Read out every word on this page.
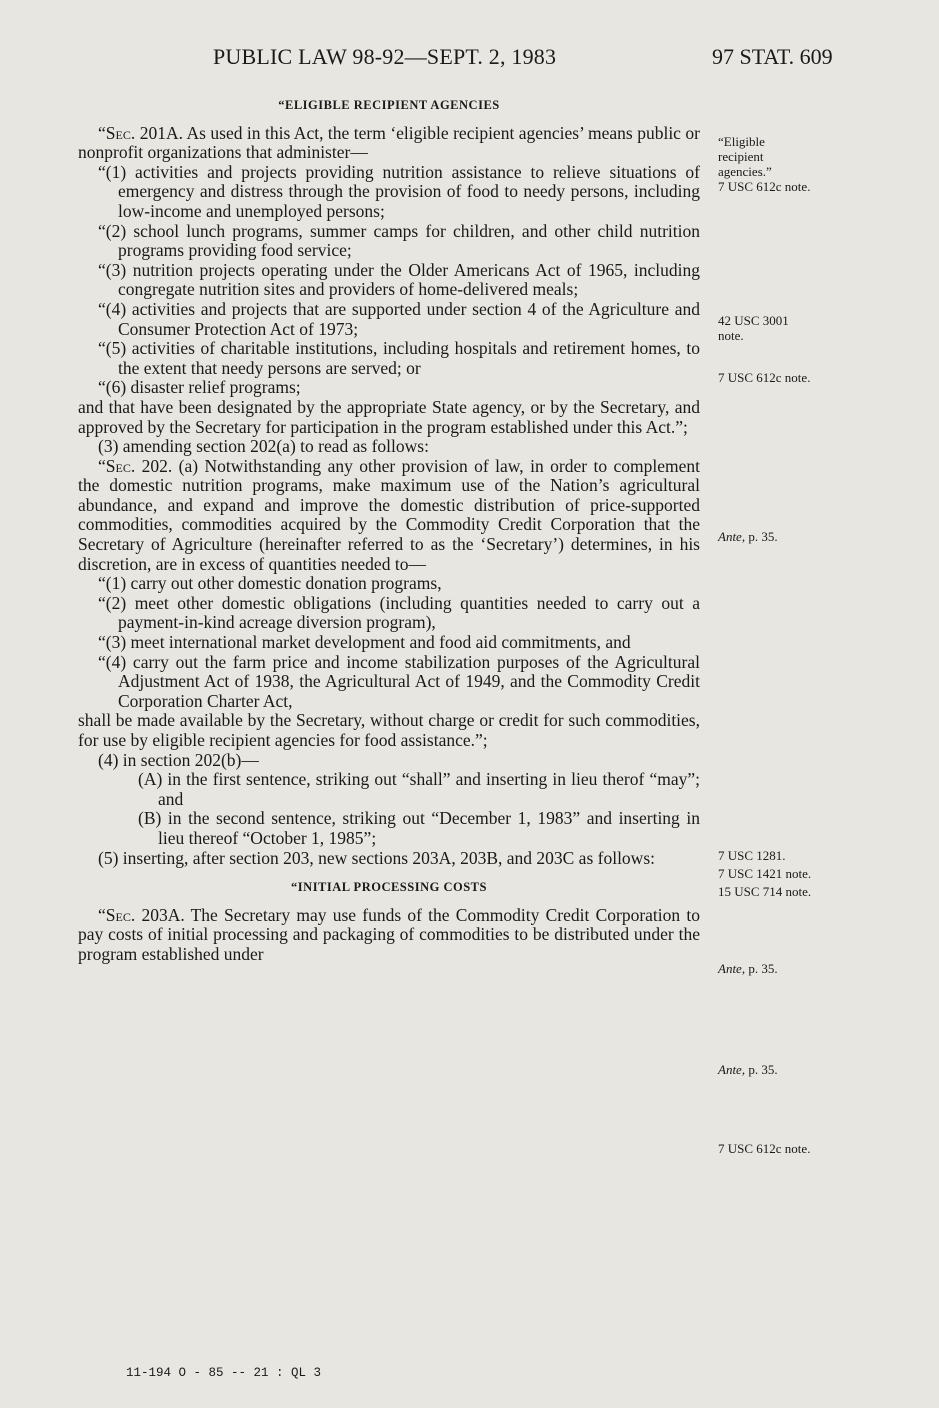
PUBLIC LAW 98-92—SEPT. 2, 1983	97 STAT. 609

“ELIGIBLE RECIPIENT AGENCIES

“Sec. 201A. As used in this Act, the term ‘eligible recipient agencies’ means public or nonprofit organizations that administer—

“(1) activities and projects providing nutrition assistance to relieve situations of emergency and distress through the provision of food to needy persons, including low-income and unemployed persons;

“(2) school lunch programs, summer camps for children, and other child nutrition programs providing food service;

“(3) nutrition projects operating under the Older Americans Act of 1965, including congregate nutrition sites and providers of home-delivered meals;

“(4) activities and projects that are supported under section 4 of the Agriculture and Consumer Protection Act of 1973;

“(5) activities of charitable institutions, including hospitals and retirement homes, to the extent that needy persons are served; or

“(6) disaster relief programs;

and that have been designated by the appropriate State agency, or by the Secretary, and approved by the Secretary for participation in the program established under this Act.”;

(3) amending section 202(a) to read as follows:

“Sec. 202. (a) Notwithstanding any other provision of law, in order to complement the domestic nutrition programs, make maximum use of the Nation’s agricultural abundance, and expand and improve the domestic distribution of price-supported commodities, commodities acquired by the Commodity Credit Corporation that the Secretary of Agriculture (hereinafter referred to as the ‘Secretary’) determines, in his discretion, are in excess of quantities needed to—

“(1) carry out other domestic donation programs,

“(2) meet other domestic obligations (including quantities needed to carry out a payment-in-kind acreage diversion program),

“(3) meet international market development and food aid commitments, and

“(4) carry out the farm price and income stabilization purposes of the Agricultural Adjustment Act of 1938, the Agricultural Act of 1949, and the Commodity Credit Corporation Charter Act,

shall be made available by the Secretary, without charge or credit for such commodities, for use by eligible recipient agencies for food assistance.”;

(4) in section 202(b)—

(A) in the first sentence, striking out “shall” and inserting in lieu therof “may”; and

(B) in the second sentence, striking out “December 1, 1983” and inserting in lieu thereof “October 1, 1985”;

(5) inserting, after section 203, new sections 203A, 203B, and 203C as follows:

“INITIAL PROCESSING COSTS

“Sec. 203A. The Secretary may use funds of the Commodity Credit Corporation to pay costs of initial processing and packaging of commodities to be distributed under the program established under

“Eligible
recipient
agencies.”
7 USC 612c note.
42 USC 3001
note.
7 USC 612c note.
Ante, p. 35.
7 USC 1281.
7 USC 1421 note.
15 USC 714 note.
Ante, p. 35.
Ante, p. 35.
7 USC 612c note.
11-194 O - 85 -- 21 : QL 3
